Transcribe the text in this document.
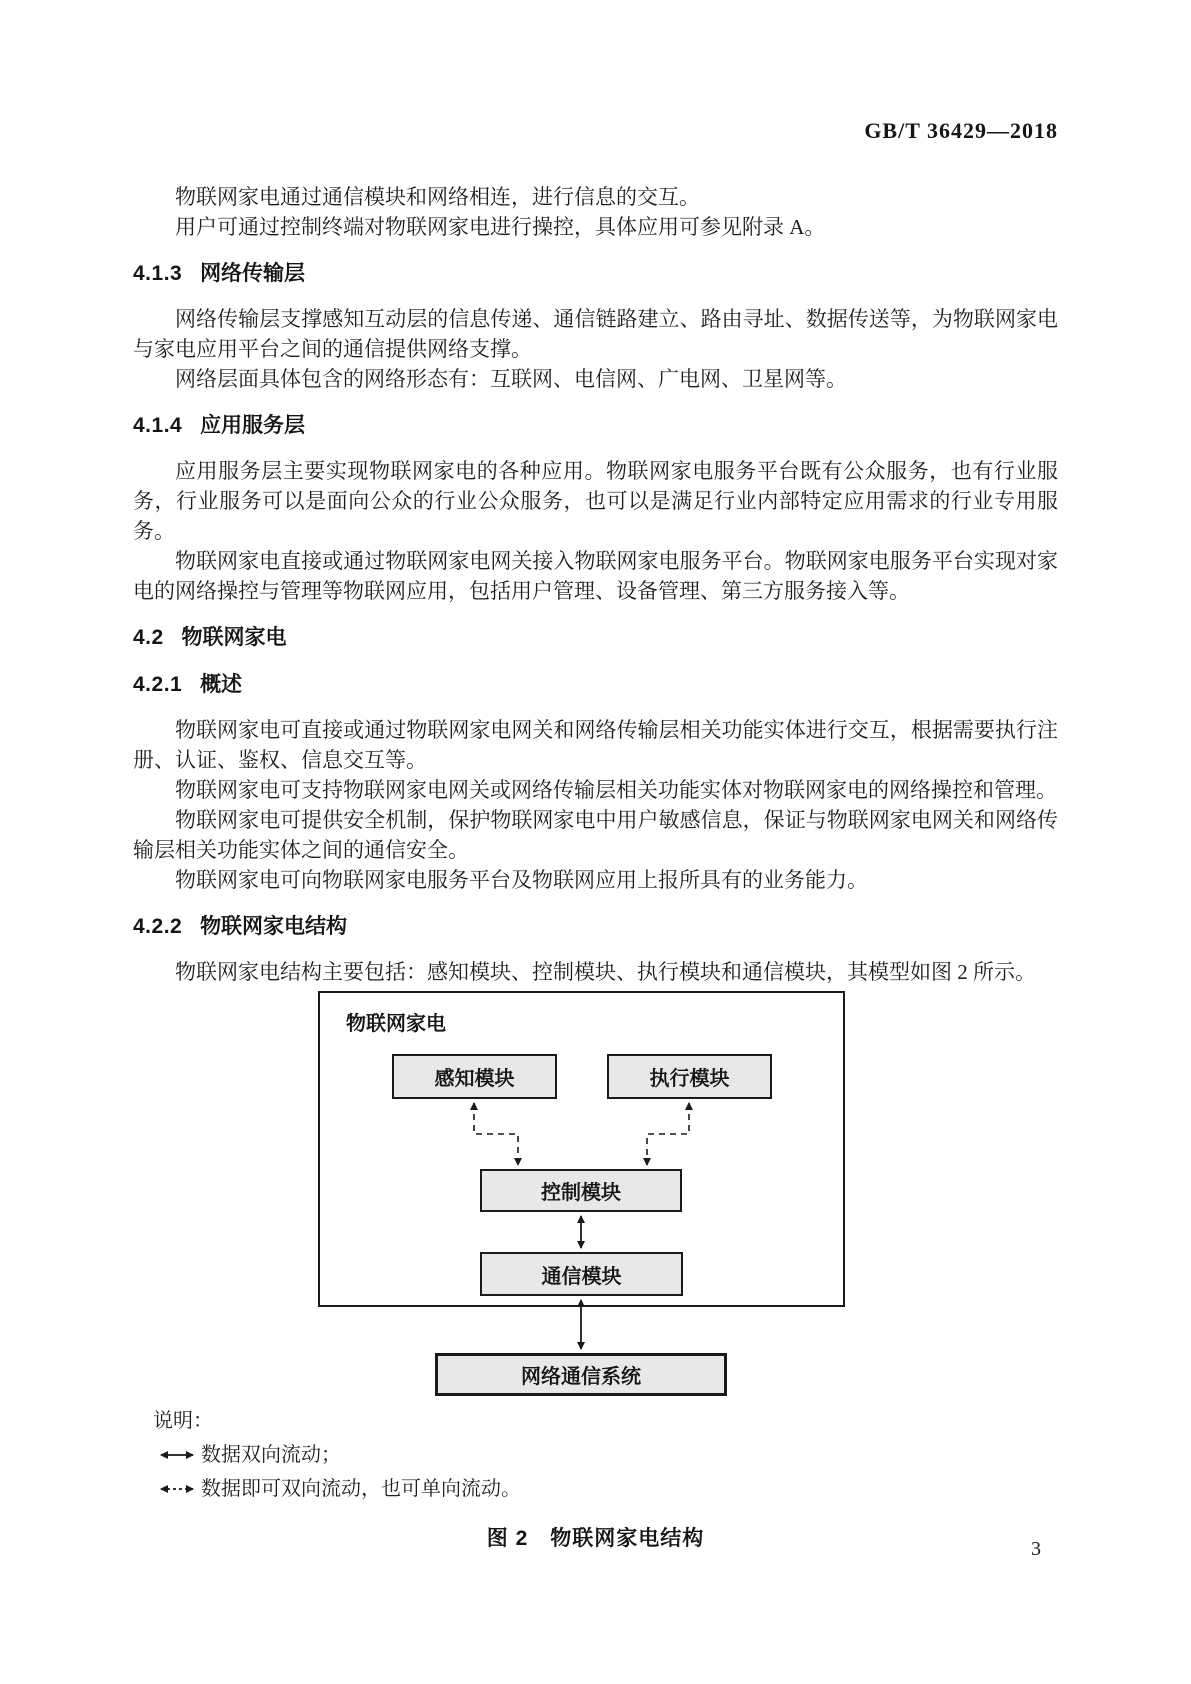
GB/T 36429—2018

物联网家电通过通信模块和网络相连，进行信息的交互。

用户可通过控制终端对物联网家电进行操控，具体应用可参见附录 A。

4.1.3 网络传输层

网络传输层支撑感知互动层的信息传递、通信链路建立、路由寻址、数据传送等，为物联网家电与家电应用平台之间的通信提供网络支撑。

网络层面具体包含的网络形态有：互联网、电信网、广电网、卫星网等。

4.1.4 应用服务层

应用服务层主要实现物联网家电的各种应用。物联网家电服务平台既有公众服务，也有行业服务，行业服务可以是面向公众的行业公众服务，也可以是满足行业内部特定应用需求的行业专用服务。

物联网家电直接或通过物联网家电网关接入物联网家电服务平台。物联网家电服务平台实现对家电的网络操控与管理等物联网应用，包括用户管理、设备管理、第三方服务接入等。

4.2 物联网家电
4.2.1 概述

物联网家电可直接或通过物联网家电网关和网络传输层相关功能实体进行交互，根据需要执行注册、认证、鉴权、信息交互等。

物联网家电可支持物联网家电网关或网络传输层相关功能实体对物联网家电的网络操控和管理。

物联网家电可提供安全机制，保护物联网家电中用户敏感信息，保证与物联网家电网关和网络传输层相关功能实体之间的通信安全。

物联网家电可向物联网家电服务平台及物联网应用上报所具有的业务能力。

4.2.2 物联网家电结构

物联网家电结构主要包括：感知模块、控制模块、执行模块和通信模块，其模型如图 2 所示。

物联网家电
感知模块	执行模块
控制模块
通信模块
网络通信系统
说明：
数据双向流动；
数据即可双向流动，也可单向流动。
图 2　物联网家电结构	3
